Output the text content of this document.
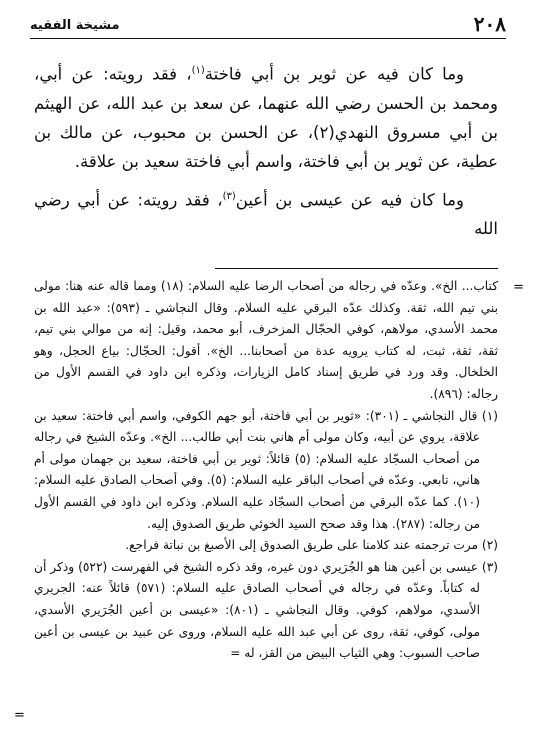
٢٠٨
مشيخة الفقيه

وما كان فيه عن ثوير بن أبي فاختة$^{(١)}$، فقد رويته: عن أبي، ومحمد بن الحسن رضي الله عنهما، عن سعد بن عبد الله، عن الهيثم بن أبي مسروق النهدي(٢)، عن الحسن بن محبوب، عن مالك بن عطية، عن ثوير بن أبي فاختة، واسم أبي فاختة سعيد بن علاقة.

وما كان فيه عن عيسى بن أعين$^{(٣)}$، فقد رويته: عن أبي رضي الله

كتاب... الخ». وعدّه في رجاله من أصحاب الرضا عليه السلام: (١٨) ومما قاله عنه هنا: مولى بني تيم الله، ثقة. وكذلك عدّه البرقي عليه السلام. وقال النجاشي ـ (٥٩٣): «عبد الله بن محمد الأسدي، مولاهم، كوفي الحجّال المزخرف، أبو محمد، وقيل: إنه من موالي بني تيم، ثقة، ثقة، ثبت، له كتاب يرويه عدة من أصحابنا... الخ». أقول: الحجّال: بياع الحجل، وهو الخلخال. وقد ورد في طريق إسناد كامل الزيارات، وذكره ابن داود في القسم الأول من رجاله: (٨٩٦).

(١) قال النجاشي ـ (٣٠١): «ثوير بن أبي فاختة، أبو جهم الكوفي، واسم أبي فاختة: سعيد بن علاقة، يروي عن أبيه، وكان مولى أم هاني بنت أبي طالب... الخ». وعدّه الشيخ في رجاله من أصحاب السجّاد عليه السلام: (٥) قائلاً: ثوير بن أبي فاختة، سعيد بن جهمان مولى أم هاني، تابعي. وعدّه في أصحاب الباقر عليه السلام: (٥). وفي أصحاب الصادق عليه السلام: (١٠). كما عدّه البرقي من أصحاب السجّاد عليه السلام. وذكره ابن داود في القسم الأول من رجاله: (٢٨٧). هذا وقد صحح السيد الخوئي طريق الصدوق إليه.

(٢) مرت ترجمته عند كلامنا على طريق الصدوق إلى الأصبغ بن نباتة فراجع.

(٣) عيسى بن أعين هنا هو الجُرَيري دون غيره، وقد ذكره الشيخ في الفهرست (٥٢٢) وذكر أن له كتاباً. وعدّه في رجاله في أصحاب الصادق عليه السلام: (٥٧١) قائلاً عنه: الجريري الأسدي، مولاهم، كوفي. وقال النجاشي ـ (٨٠١): «عيسى بن أعين الجُرَيري الأسدي، مولى، كوفي، ثقة، روى عن أبي عبد الله عليه السلام، وروى عن عبيد بن عيسى بن أعين صاحب السبوب: وهي الثياب البيض من القز، له =

=
=
